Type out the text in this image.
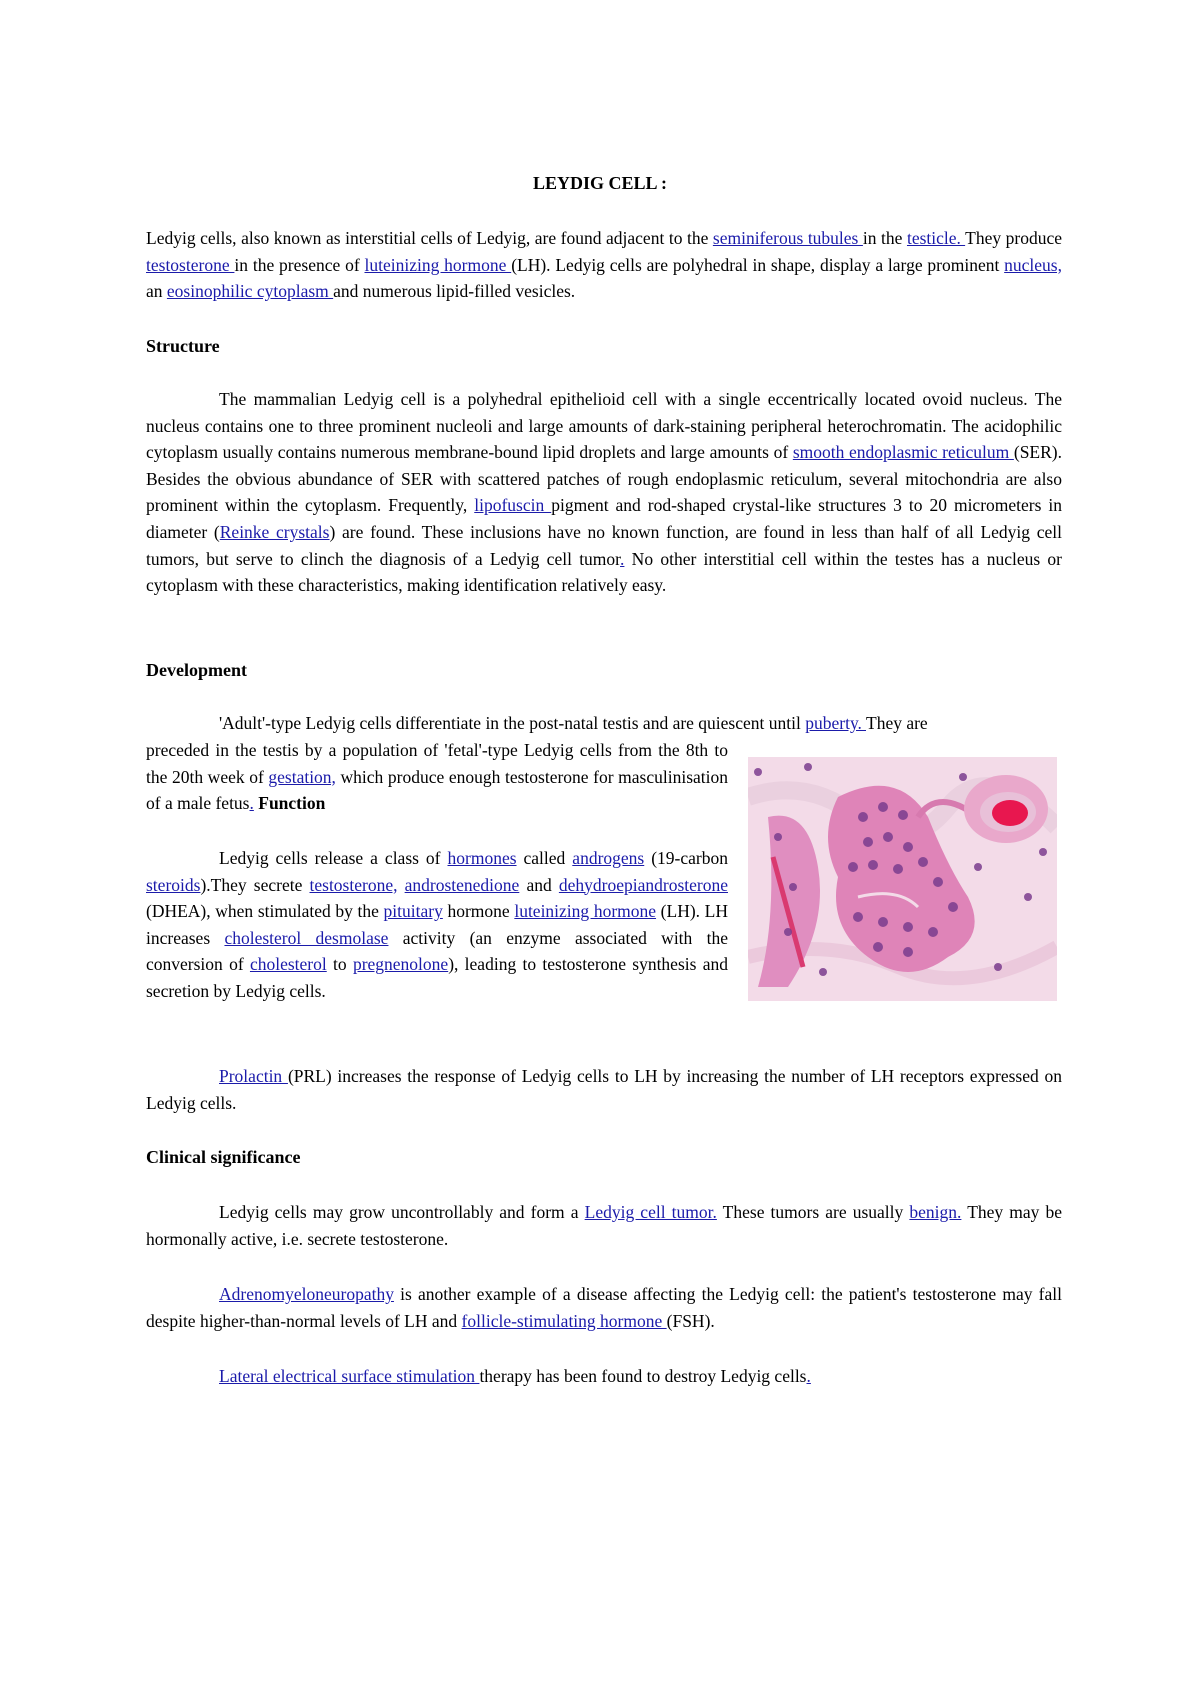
LEYDIG CELL :

Ledyig cells, also known as interstitial cells of Ledyig, are found adjacent to the seminiferous tubules in the testicle. They produce testosterone in the presence of luteinizing hormone (LH). Ledyig cells are polyhedral in shape, display a large prominent nucleus, an eosinophilic cytoplasm and numerous lipid-filled vesicles.

Structure

The mammalian Ledyig cell is a polyhedral epithelioid cell with a single eccentrically located ovoid nucleus. The nucleus contains one to three prominent nucleoli and large amounts of dark-staining peripheral heterochromatin. The acidophilic cytoplasm usually contains numerous membrane-bound lipid droplets and large amounts of smooth endoplasmic reticulum (SER). Besides the obvious abundance of SER with scattered patches of rough endoplasmic reticulum, several mitochondria are also prominent within the cytoplasm. Frequently, lipofuscin pigment and rod-shaped crystal-like structures 3 to 20 micrometers in diameter (Reinke crystals) are found. These inclusions have no known function, are found in less than half of all Ledyig cell tumors, but serve to clinch the diagnosis of a Ledyig cell tumor. No other interstitial cell within the testes has a nucleus or cytoplasm with these characteristics, making identification relatively easy.

Development

'Adult'-type Ledyig cells differentiate in the post-natal testis and are quiescent until puberty. They are

preceded in the testis by a population of 'fetal'-type Ledyig cells from the 8th to the 20th week of gestation, which produce enough testosterone for masculinisation of a male fetus. Function

Ledyig cells release a class of hormones called androgens (19-carbon steroids).They secrete testosterone, androstenedione and dehydroepiandrosterone (DHEA), when stimulated by the pituitary hormone luteinizing hormone (LH). LH increases cholesterol desmolase activity (an enzyme associated with the conversion of cholesterol to pregnenolone), leading to testosterone synthesis and secretion by Ledyig cells.

Prolactin (PRL) increases the response of Ledyig cells to LH by increasing the number of LH receptors expressed on Ledyig cells.

Clinical significance

Ledyig cells may grow uncontrollably and form a Ledyig cell tumor. These tumors are usually benign. They may be hormonally active, i.e. secrete testosterone.

Adrenomyeloneuropathy is another example of a disease affecting the Ledyig cell: the patient's testosterone may fall despite higher-than-normal levels of LH and follicle-stimulating hormone (FSH).

Lateral electrical surface stimulation therapy has been found to destroy Ledyig cells.
